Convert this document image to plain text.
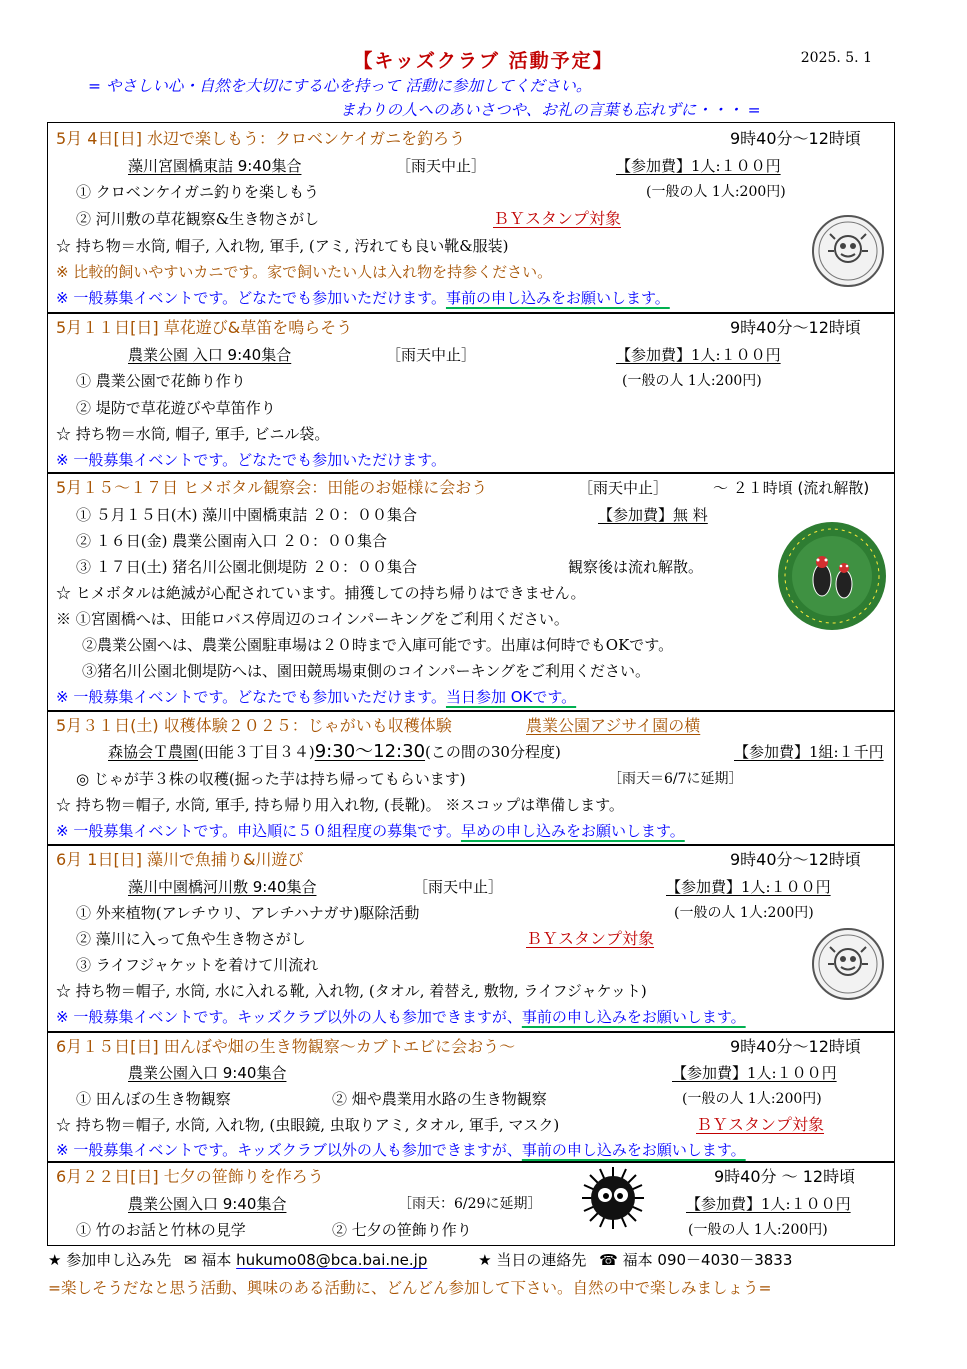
【キッズクラブ 活動予定】	2025. 5. 1
= やさしい心・自然を大切にする心を持って 活動に参加してください。
まわりの人へのあいさつや、お礼の言葉も忘れずに・・・ =
5月 4日[日] 水辺で楽しもう：クロベンケイガニを釣ろう	9時40分～12時頃
藻川宮園橋東詰 9:40集合	［雨天中止］	【参加費】1人:１００円
① クロベンケイガニ釣りを楽しもう	(一般の人 1人:200円)
② 河川敷の草花観察&生き物さがし	ＢＹスタンプ対象
☆ 持ち物＝水筒, 帽子, 入れ物, 軍手, (アミ, 汚れても良い靴&服装)
※ 比較的飼いやすいカニです。家で飼いたい人は入れ物を持参ください。
※ 一般募集イベントです。どなたでも参加いただけます。事前の申し込みをお願いします。
5月１１日[日] 草花遊び&草笛を鳴らそう	9時40分～12時頃
農業公園 入口 9:40集合	［雨天中止］	【参加費】1人:１００円
① 農業公園で花飾り作り	(一般の人 1人:200円)
② 堤防で草花遊びや草笛作り
☆ 持ち物＝水筒, 帽子, 軍手, ビニル袋。
※ 一般募集イベントです。どなたでも参加いただけます。
5月１５～１７日 ヒメボタル観察会：田能のお姫様に会おう	［雨天中止］	～ ２１時頃 (流れ解散)
① ５月１５日(木) 藻川中園橋東詰 ２０：００集合	【参加費】無 料
② １６日(金) 農業公園南入口 ２０：００集合
③ １７日(土) 猪名川公園北側堤防 ２０：００集合	観察後は流れ解散。
☆ ヒメボタルは絶滅が心配されています。捕獲しての持ち帰りはできません。
※ ①宮園橋へは、田能ロバス停周辺のコインパーキングをご利用ください。
②農業公園へは、農業公園駐車場は２０時まで入庫可能です。出庫は何時でもOKです。
③猪名川公園北側堤防へは、園田競馬場東側のコインパーキングをご利用ください。
※ 一般募集イベントです。どなたでも参加いただけます。当日参加 OKです。
5月３１日(土) 収穫体験２０２５：じゃがいも収穫体験	農業公園アジサイ園の横
森協会Ｔ農園(田能３丁目３４)9:30～12:30(この間の30分程度)	【参加費】1組:１千円
◎ じゃが芋３株の収穫(掘った芋は持ち帰ってもらいます)	［雨天＝6/7に延期］
☆ 持ち物＝帽子, 水筒, 軍手, 持ち帰り用入れ物, (長靴)。 ※スコップは準備します。
※ 一般募集イベントです。申込順に５０組程度の募集です。早めの申し込みをお願いします。
6月 1日[日] 藻川で魚捕り&川遊び	9時40分～12時頃
藻川中園橋河川敷 9:40集合	［雨天中止］	【参加費】1人:１００円
① 外来植物(アレチウリ、アレチハナガサ)駆除活動	(一般の人 1人:200円)
② 藻川に入って魚や生き物さがし	ＢＹスタンプ対象
③ ライフジャケットを着けて川流れ
☆ 持ち物＝帽子, 水筒, 水に入れる靴, 入れ物, (タオル, 着替え, 敷物, ライフジャケット)
※ 一般募集イベントです。キッズクラブ以外の人も参加できますが、事前の申し込みをお願いします。
6月１５日[日] 田んぼや畑の生き物観察～カブトエビに会おう～	9時40分～12時頃
農業公園入口 9:40集合	【参加費】1人:１００円
① 田んぼの生き物観察	② 畑や農業用水路の生き物観察	(一般の人 1人:200円)
☆ 持ち物＝帽子, 水筒, 入れ物, (虫眼鏡, 虫取りアミ, タオル, 軍手, マスク)	ＢＹスタンプ対象
※ 一般募集イベントです。キッズクラブ以外の人も参加できますが、事前の申し込みをお願いします。
6月２２日[日] 七夕の笹飾りを作ろう	9時40分 ～ 12時頃
農業公園入口 9:40集合	［雨天：6/29に延期］	【参加費】1人:１００円
① 竹のお話と竹林の見学	② 七夕の笹飾り作り	(一般の人 1人:200円)
★ 参加申し込み先 ✉ 福本 hukumo08@bca.bai.ne.jp	★ 当日の連絡先 ☎ 福本 090－4030－3833
=楽しそうだなと思う活動、興味のある活動に、どんどん参加して下さい。自然の中で楽しみましょう=
